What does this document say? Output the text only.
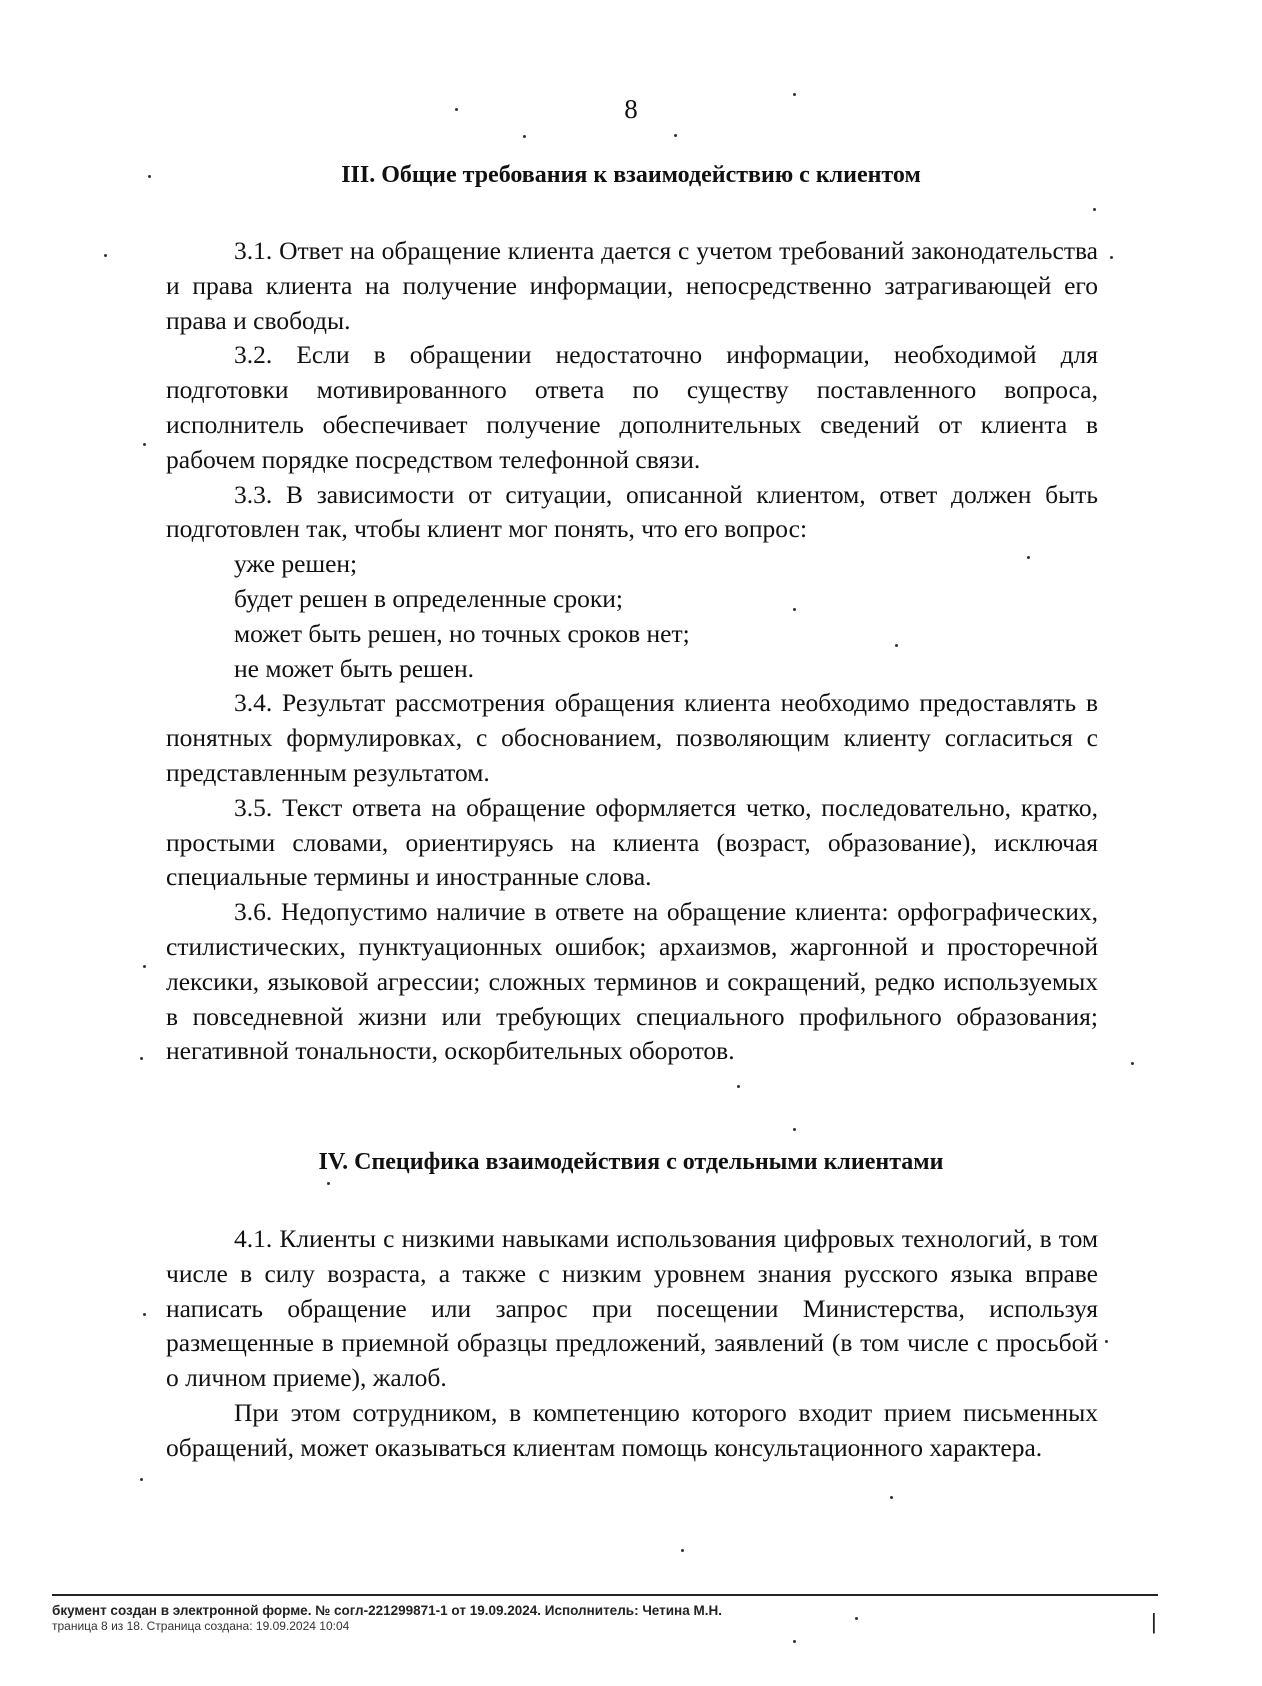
8
III. Общие требования к взаимодействию с клиентом

3.1. Ответ на обращение клиента дается с учетом требований законодательства и права клиента на получение информации, непосредственно затрагивающей его права и свободы.

3.2. Если в обращении недостаточно информации, необходимой для подготовки мотивированного ответа по существу поставленного вопроса, исполнитель обеспечивает получение дополнительных сведений от клиента в рабочем порядке посредством телефонной связи.

3.3. В зависимости от ситуации, описанной клиентом, ответ должен быть подготовлен так, чтобы клиент мог понять, что его вопрос:

уже решен;

будет решен в определенные сроки;

может быть решен, но точных сроков нет;

не может быть решен.

3.4. Результат рассмотрения обращения клиента необходимо предоставлять в понятных формулировках, с обоснованием, позволяющим клиенту согласиться с представленным результатом.

3.5. Текст ответа на обращение оформляется четко, последовательно, кратко, простыми словами, ориентируясь на клиента (возраст, образование), исключая специальные термины и иностранные слова.

3.6. Недопустимо наличие в ответе на обращение клиента: орфографических, стилистических, пунктуационных ошибок; архаизмов, жаргонной и просторечной лексики, языковой агрессии; сложных терминов и сокращений, редко используемых в повседневной жизни или требующих специального профильного образования; негативной тональности, оскорбительных оборотов.

IV. Специфика взаимодействия с отдельными клиентами

4.1. Клиенты с низкими навыками использования цифровых технологий, в том числе в силу возраста, а также с низким уровнем знания русского языка вправе написать обращение или запрос при посещении Министерства, используя размещенные в приемной образцы предложений, заявлений (в том числе с просьбой о личном приеме), жалоб.

При этом сотрудником, в компетенцию которого входит прием письменных обращений, может оказываться клиентам помощь консультационного характера.

бкумент создан в электронной форме. № согл-221299871-1 от 19.09.2024. Исполнитель: Четина М.Н.
траница 8 из 18. Страница создана: 19.09.2024 10:04	|
